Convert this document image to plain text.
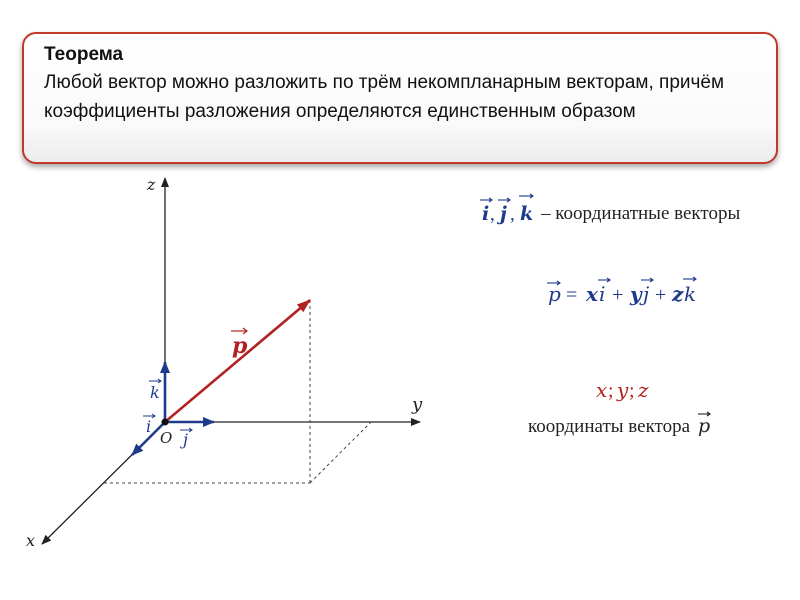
Теорема
Любой вектор можно разложить по трём некомпланарным векторам, причём коэффициенты разложения определяются единственным образом
z
y
x
O
p
k
j
i
i , j , k – координатные векторы
p = x i + y j + z k
x ; y ; z
координаты вектора p
